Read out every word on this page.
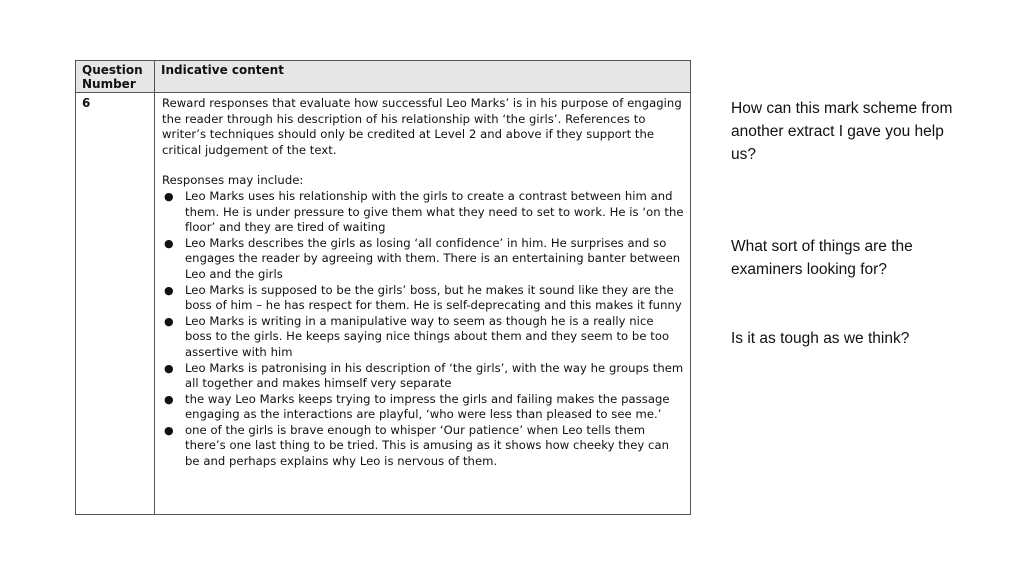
Question Number
Indicative content
6	Reward responses that evaluate how successful Leo Marks’ is in his purpose of engaging the reader through his description of his relationship with ‘the girls’. References to writer’s techniques should only be credited at Level 2 and above if they support the critical judgement of the text.

Responses may include:

● Leo Marks uses his relationship with the girls to create a contrast between him and them. He is under pressure to give them what they need to set to work. He is ‘on the floor’ and they are tired of waiting
● Leo Marks describes the girls as losing ‘all confidence’ in him. He surprises and so engages the reader by agreeing with them. There is an entertaining banter between Leo and the girls
● Leo Marks is supposed to be the girls’ boss, but he makes it sound like they are the boss of him – he has respect for them. He is self-deprecating and this makes it funny
● Leo Marks is writing in a manipulative way to seem as though he is a really nice boss to the girls. He keeps saying nice things about them and they seem to be too assertive with him
● Leo Marks is patronising in his description of ‘the girls’, with the way he groups them all together and makes himself very separate
● the way Leo Marks keeps trying to impress the girls and failing makes the passage engaging as the interactions are playful, ‘who were less than pleased to see me.’
● one of the girls is brave enough to whisper ‘Our patience’ when Leo tells them there’s one last thing to be tried. This is amusing as it shows how cheeky they can be and perhaps explains why Leo is nervous of them.
How can this mark scheme from another extract I gave you help us?
What sort of things are the examiners looking for?
Is it as tough as we think?
